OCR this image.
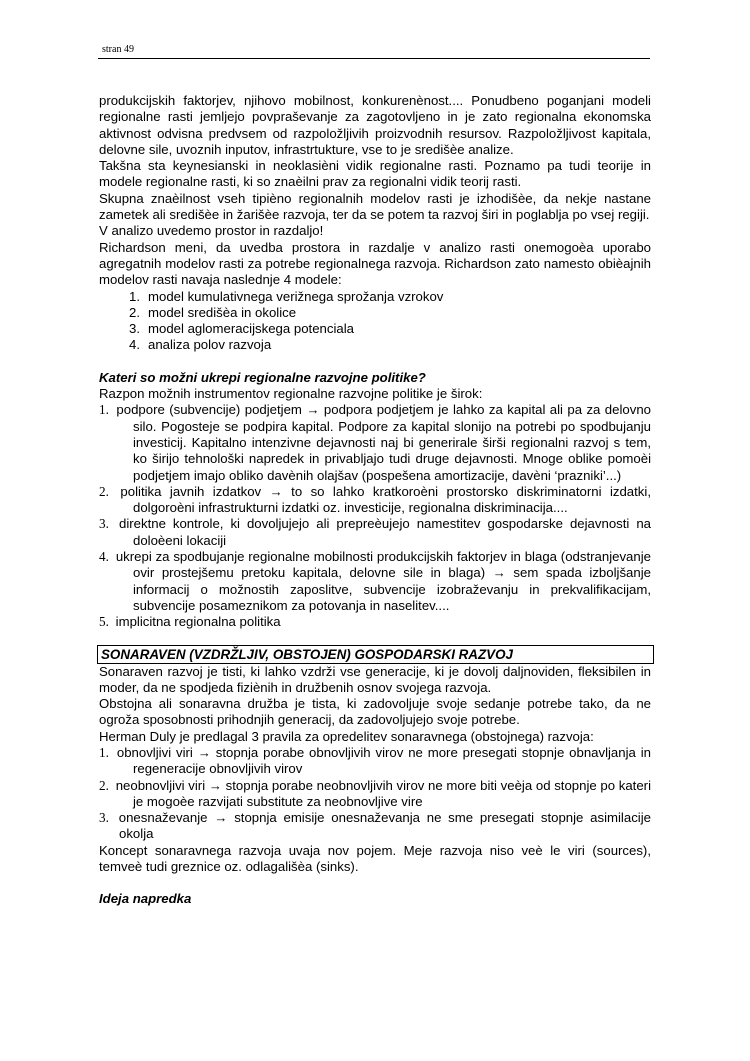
stran 49

produkcijskih faktorjev, njihovo mobilnost, konkurenènost.... Ponudbeno poganjani modeli regionalne rasti jemljejo povpraševanje za zagotovljeno in je zato regionalna ekonomska aktivnost odvisna predvsem od razpoložljivih proizvodnih resursov. Razpoložljivost kapitala, delovne sile, uvoznih inputov, infrastrtukture, vse to je središèe analize.

Takšna sta keynesianski in neoklasièni vidik regionalne rasti. Poznamo pa tudi teorije in modele regionalne rasti, ki so znaèilni prav za regionalni vidik teorij rasti.

Skupna znaèilnost vseh tipièno regionalnih modelov rasti je izhodišèe, da nekje nastane zametek ali središèe in žarišèe razvoja, ter da se potem ta razvoj širi in poglablja po vsej regiji.

V analizo uvedemo prostor in razdaljo!

Richardson meni, da uvedba prostora in razdalje v analizo rasti onemogoèa uporabo agregatnih modelov rasti za potrebe regionalnega razvoja. Richardson zato namesto obièajnih modelov rasti navaja naslednje 4 modele:

1. model kumulativnega verižnega sprožanja vzrokov
2. model središèa in okolice
3. model aglomeracijskega potenciala
4. analiza polov razvoja

Kateri so možni ukrepi regionalne razvojne politike?

Razpon možnih instrumentov regionalne razvojne politike je širok:

1. podpore (subvencije) podjetjem → podpora podjetjem je lahko za kapital ali pa za delovno silo. Pogosteje se podpira kapital. Podpore za kapital slonijo na potrebi po spodbujanju investicij. Kapitalno intenzivne dejavnosti naj bi generirale širši regionalni razvoj s tem, ko širijo tehnološki napredek in privabljajo tudi druge dejavnosti. Mnoge oblike pomoèi podjetjem imajo obliko davènih olajšav (pospešena amortizacije, davèni ‘prazniki’...)
2. politika javnih izdatkov → to so lahko kratkoroèni prostorsko diskriminatorni izdatki, dolgoroèni infrastrukturni izdatki oz. investicije, regionalna diskriminacija....
3. direktne kontrole, ki dovoljujejo ali prepreèujejo namestitev gospodarske dejavnosti na doloèeni lokaciji
4. ukrepi za spodbujanje regionalne mobilnosti produkcijskih faktorjev in blaga (odstranjevanje ovir prostejšemu pretoku kapitala, delovne sile in blaga) → sem spada izboljšanje informacij o možnostih zaposlitve, subvencije izobraževanju in prekvalifikacijam, subvencije posameznikom za potovanja in naselitev....
5. implicitna regionalna politika
SONARAVEN (VZDRŽLJIV, OBSTOJEN) GOSPODARSKI RAZVOJ

Sonaraven razvoj je tisti, ki lahko vzdrži vse generacije, ki je dovolj daljnoviden, fleksibilen in moder, da ne spodjeda fiziènih in družbenih osnov svojega razvoja.

Obstojna ali sonaravna družba je tista, ki zadovoljuje svoje sedanje potrebe tako, da ne ogroža sposobnosti prihodnjih generacij, da zadovoljujejo svoje potrebe.

Herman Duly je predlagal 3 pravila za opredelitev sonaravnega (obstojnega) razvoja:

1. obnovljivi viri → stopnja porabe obnovljivih virov ne more presegati stopnje obnavljanja in regeneracije obnovljivih virov
2. neobnovljivi viri → stopnja porabe neobnovljivih virov ne more biti veèja od stopnje po kateri je mogoèe razvijati substitute za neobnovljive vire
3. onesnaževanje → stopnja emisije onesnaževanja ne sme presegati stopnje asimilacije okolja

Koncept sonaravnega razvoja uvaja nov pojem. Meje razvoja niso veè le viri (sources), temveè tudi greznice oz. odlagališèa (sinks).

Ideja napredka
